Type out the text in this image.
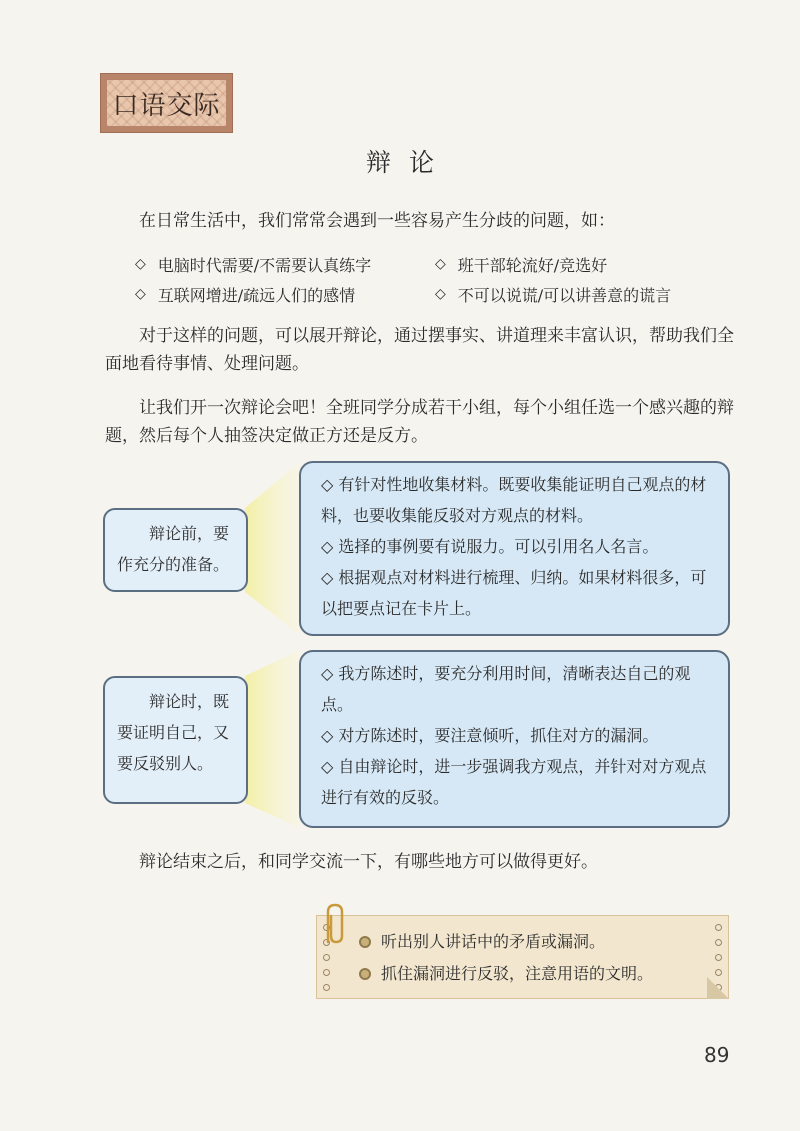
口语交际
辩论
在日常生活中，我们常常会遇到一些容易产生分歧的问题，如：
◇ 电脑时代需要/不需要认真练字	◇ 班干部轮流好/竞选好
◇ 互联网增进/疏远人们的感情	◇ 不可以说谎/可以讲善意的谎言
对于这样的问题，可以展开辩论，通过摆事实、讲道理来丰富认识，帮助我们全面地看待事情、处理问题。
让我们开一次辩论会吧！全班同学分成若干小组，每个小组任选一个感兴趣的辩题，然后每个人抽签决定做正方还是反方。
辩论前，要作充分的准备。
◇ 有针对性地收集材料。既要收集能证明自己观点的材料，也要收集能反驳对方观点的材料。
◇ 选择的事例要有说服力。可以引用名人名言。
◇ 根据观点对材料进行梳理、归纳。如果材料很多，可以把要点记在卡片上。
辩论时，既要证明自己，又要反驳别人。
◇ 我方陈述时，要充分利用时间，清晰表达自己的观点。
◇ 对方陈述时，要注意倾听，抓住对方的漏洞。
◇ 自由辩论时，进一步强调我方观点，并针对对方观点进行有效的反驳。
辩论结束之后，和同学交流一下，有哪些地方可以做得更好。
听出别人讲话中的矛盾或漏洞。
抓住漏洞进行反驳，注意用语的文明。
89
